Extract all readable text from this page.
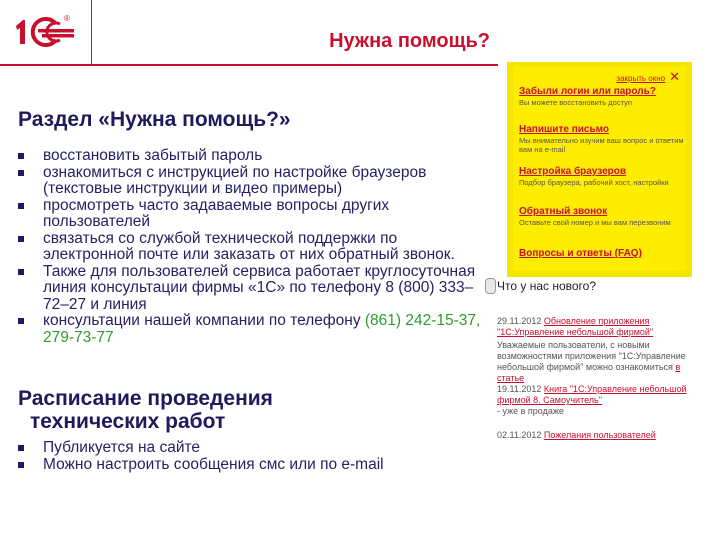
®
Нужна помощь?
Раздел «Нужна помощь?»
восстановить забытый пароль
ознакомиться с инструкцией по настройке браузеров (текстовые инструкции и видео примеры)
просмотреть часто задаваемые вопросы других пользователей
связаться со службой технической поддержки по электронной почте или заказать от них обратный звонок.
Также для пользователей сервиса работает круглосуточная линия консультации фирмы «1С» по телефону 8 (800) 333–72–27 и линия
консультации нашей компании по телефону (861) 242-15-37, 279-73-77
Расписание проведения
технических работ
Публикуется на сайте
Можно настроить сообщения смс или по e-mail
закрыть окно ✕
Забыли логин или пароль?
Вы можете восстановить доступ
Напишите письмо
Мы внимательно изучим ваш вопрос и ответим вам на e-mail
Настройка браузеров
Подбор браузера, рабочий хост, настройки
Обратный звонок
Оставьте свой номер и мы вам перезвоним
Вопросы и ответы (FAQ)
Что у нас нового?
29.11.2012 Обновление приложения "1С:Управление небольшой фирмой"
Уважаемые пользователи, с новыми возможностями приложения "1С:Управление небольшой фирмой" можно ознакомиться в статье
19.11.2012 Книга "1С:Управление небольшой фирмой 8. Самоучитель"
- уже в продаже
02.11.2012 Пожелания пользователей
